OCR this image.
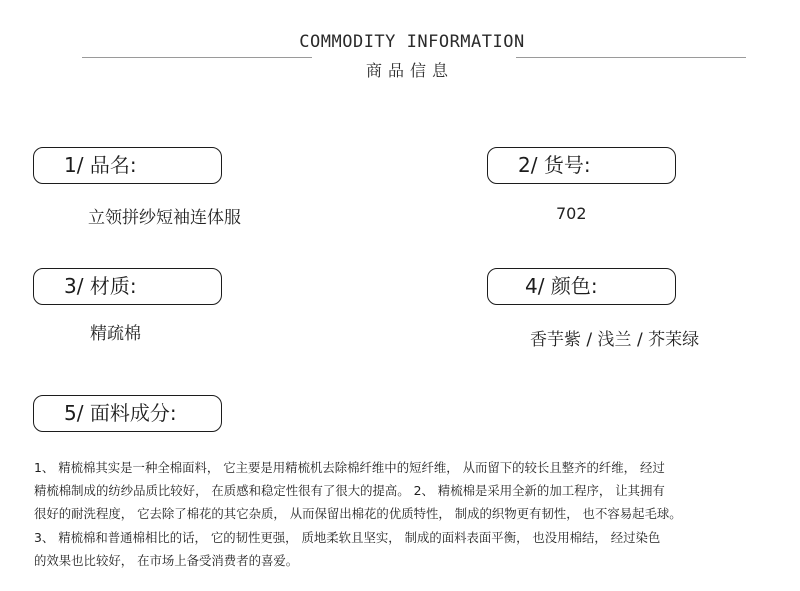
COMMODITY INFORMATION
商品信息
1/ 品名:
立领拼纱短袖连体服
2/ 货号:
702
3/ 材质:
精疏棉
4/ 颜色:
香芋紫 / 浅兰 / 芥茉绿
5/ 面料成分:

1、 精梳棉其实是一种全棉面料， 它主要是用精梳机去除棉纤维中的短纤维， 从而留下的较长且整齐的纤维， 经过

精梳棉制成的纺纱品质比较好， 在质感和稳定性很有了很大的提高。 2、 精梳棉是采用全新的加工程序， 让其拥有

很好的耐洗程度， 它去除了棉花的其它杂质， 从而保留出棉花的优质特性， 制成的织物更有韧性， 也不容易起毛球。

3、 精梳棉和普通棉相比的话， 它的韧性更强， 质地柔软且坚实， 制成的面料表面平衡， 也没用棉结， 经过染色

的效果也比较好， 在市场上备受消费者的喜爱。
